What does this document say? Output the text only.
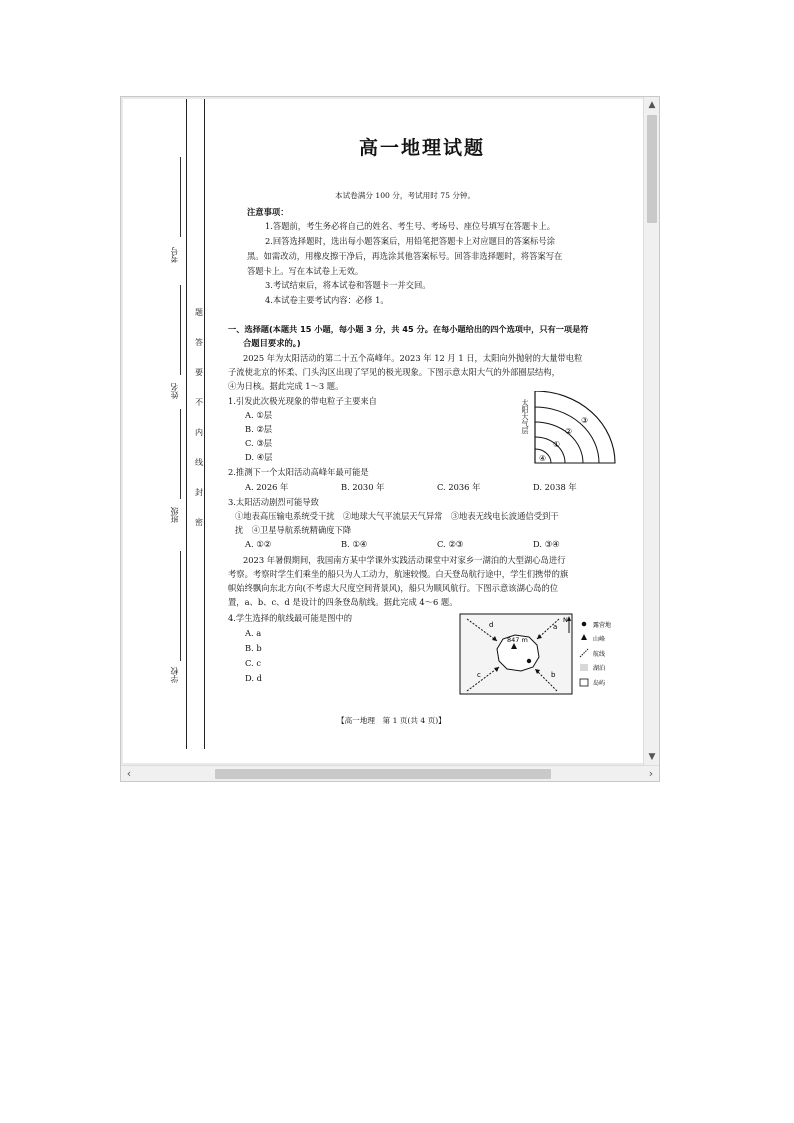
考号
姓名
班级
学校
题
答
要
不
内
线
封
密
高一地理试题
本试卷满分 100 分，考试用时 75 分钟。
注意事项：
1.答题前，考生务必将自己的姓名、考生号、考场号、座位号填写在答题卡上。
2.回答选择题时，选出每小题答案后，用铅笔把答题卡上对应题目的答案标号涂
黑。如需改动，用橡皮擦干净后，再选涂其他答案标号。回答非选择题时，将答案写在
答题卡上。写在本试卷上无效。
3.考试结束后，将本试卷和答题卡一并交回。
4.本试卷主要考试内容：必修 1。
一、选择题(本题共 15 小题，每小题 3 分，共 45 分。在每小题给出的四个选项中，只有一项是符
合题目要求的。)
2025 年为太阳活动的第二十五个高峰年。2023 年 12 月 1 日，太阳向外抛射的大量带电粒
子流使北京的怀柔、门头沟区出现了罕见的极光现象。下图示意太阳大气的外部圈层结构，
④为日核。据此完成 1～3 题。
1.引发此次极光现象的带电粒子主要来自
A. ①层
B. ②层
C. ③层
D. ④层
③
②
①
④
太阳大气层
2.推测下一个太阳活动高峰年最可能是
A. 2026 年	B. 2030 年	C. 2036 年	D. 2038 年
3.太阳活动剧烈可能导致
①地表高压输电系统受干扰　②地球大气平流层天气异常　③地表无线电长波通信受到干
扰　④卫星导航系统精确度下降
A. ①②	B. ①④	C. ②③	D. ③④
2023 年暑假期间，我国南方某中学课外实践活动课堂中对家乡一湖泊的大型湖心岛进行
考察。考察时学生们乘坐的船只为人工动力，航速较慢。白天登岛航行途中，学生们携带的旗
帜始终飘向东北方向(不考虑大尺度空间背景风)，船只为顺风航行。下图示意该湖心岛的位
置，a、b、c、d 是设计的四条登岛航线。据此完成 4～6 题。
4.学生选择的航线最可能是图中的
A. a
B. b
C. c
D. d
d	a
c	b
847 m
N
露营地
山峰
航线
湖泊
岛屿
【高一地理　第 1 页(共 4 页)】
▲
▼
‹	›
